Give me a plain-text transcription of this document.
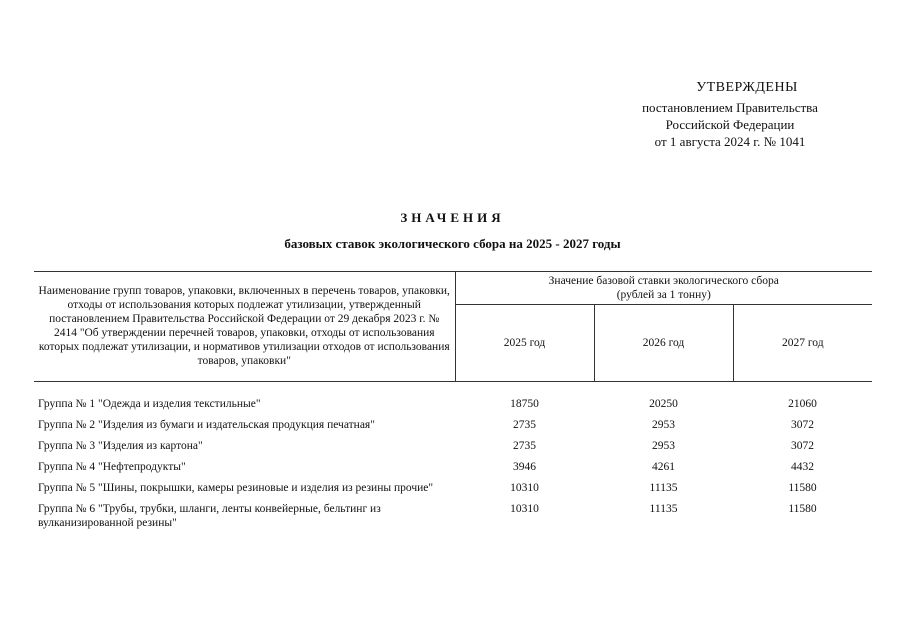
УТВЕРЖДЕНЫ
постановлением Правительства
Российской Федерации
от 1 августа 2024 г. № 1041
ЗНАЧЕНИЯ
базовых ставок экологического сбора на 2025 - 2027 годы
Наименование групп товаров, упаковки, включенных в перечень товаров, упаковки, отходы от использования которых подлежат утилизации, утвержденный постановлением Правительства Российской Федерации от 29 декабря 2023 г. № 2414 "Об утверждении перечней товаров, упаковки, отходы от использования которых подлежат утилизации, и нормативов утилизации отходов от использования товаров, упаковки"	Значение базовой ставки экологического сбора
(рублей за 1 тонну)		
	2025 год	2026 год	2027 год
Группа № 1 "Одежда и изделия текстильные"	18750	20250	21060
Группа № 2 "Изделия из бумаги и издательская продукция печатная"	2735	2953	3072
Группа № 3 "Изделия из картона"	2735	2953	3072
Группа № 4 "Нефтепродукты"	3946	4261	4432
Группа № 5 "Шины, покрышки, камеры резиновые и изделия из резины прочие"	10310	11135	11580
Группа № 6 "Трубы, трубки, шланги, ленты конвейерные, бельтинг из вулканизированной резины"	10310	11135	11580
